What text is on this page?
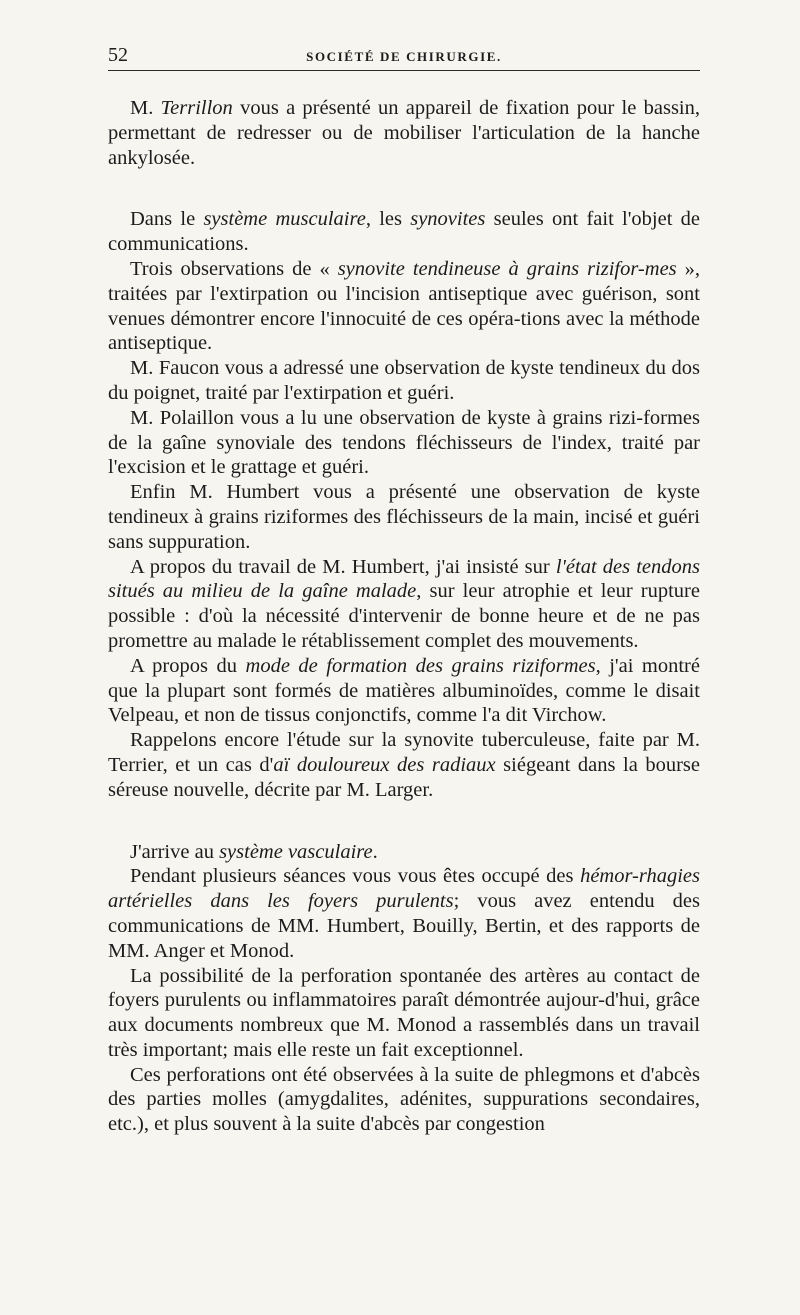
52	SOCIÉTÉ DE CHIRURGIE.

M. Terrillon vous a présenté un appareil de fixation pour le bassin, permettant de redresser ou de mobiliser l'articulation de la hanche ankylosée.

Dans le système musculaire, les synovites seules ont fait l'objet de communications.

Trois observations de « synovite tendineuse à grains rizifor-mes », traitées par l'extirpation ou l'incision antiseptique avec guérison, sont venues démontrer encore l'innocuité de ces opéra-tions avec la méthode antiseptique.

M. Faucon vous a adressé une observation de kyste tendineux du dos du poignet, traité par l'extirpation et guéri.

M. Polaillon vous a lu une observation de kyste à grains rizi-formes de la gaîne synoviale des tendons fléchisseurs de l'index, traité par l'excision et le grattage et guéri.

Enfin M. Humbert vous a présenté une observation de kyste tendineux à grains riziformes des fléchisseurs de la main, incisé et guéri sans suppuration.

A propos du travail de M. Humbert, j'ai insisté sur l'état des tendons situés au milieu de la gaîne malade, sur leur atrophie et leur rupture possible : d'où la nécessité d'intervenir de bonne heure et de ne pas promettre au malade le rétablissement complet des mouvements.

A propos du mode de formation des grains riziformes, j'ai montré que la plupart sont formés de matières albuminoïdes, comme le disait Velpeau, et non de tissus conjonctifs, comme l'a dit Virchow.

Rappelons encore l'étude sur la synovite tuberculeuse, faite par M. Terrier, et un cas d'aï douloureux des radiaux siégeant dans la bourse séreuse nouvelle, décrite par M. Larger.

J'arrive au système vasculaire.

Pendant plusieurs séances vous vous êtes occupé des hémor-rhagies artérielles dans les foyers purulents; vous avez entendu des communications de MM. Humbert, Bouilly, Bertin, et des rapports de MM. Anger et Monod.

La possibilité de la perforation spontanée des artères au contact de foyers purulents ou inflammatoires paraît démontrée aujour-d'hui, grâce aux documents nombreux que M. Monod a rassemblés dans un travail très important; mais elle reste un fait exceptionnel.

Ces perforations ont été observées à la suite de phlegmons et d'abcès des parties molles (amygdalites, adénites, suppurations secondaires, etc.), et plus souvent à la suite d'abcès par congestion
